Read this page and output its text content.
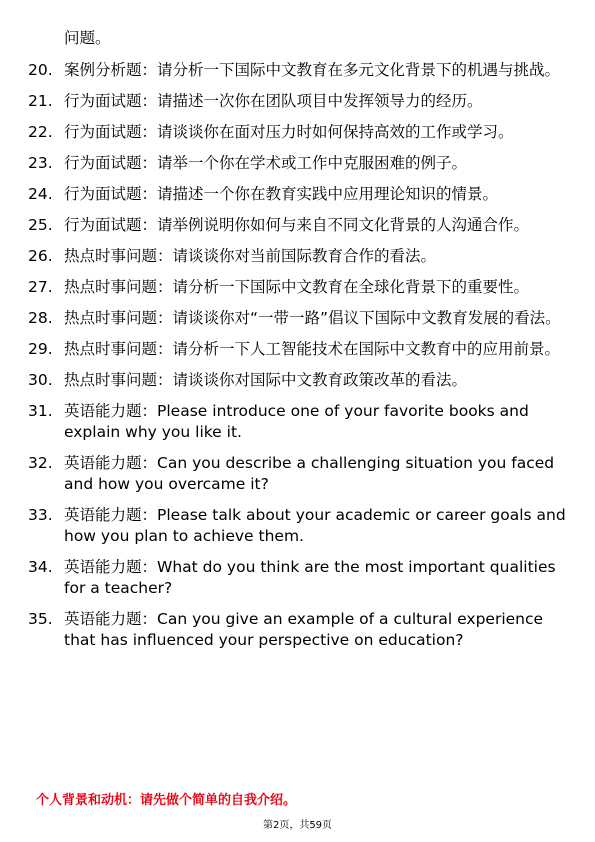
问题。
20. 案例分析题：请分析一下国际中文教育在多元文化背景下的机遇与挑战。
21. 行为面试题：请描述一次你在团队项目中发挥领导力的经历。
22. 行为面试题：请谈谈你在面对压力时如何保持高效的工作或学习。
23. 行为面试题：请举一个你在学术或工作中克服困难的例子。
24. 行为面试题：请描述一个你在教育实践中应用理论知识的情景。
25. 行为面试题：请举例说明你如何与来自不同文化背景的人沟通合作。
26. 热点时事问题：请谈谈你对当前国际教育合作的看法。
27. 热点时事问题：请分析一下国际中文教育在全球化背景下的重要性。
28. 热点时事问题：请谈谈你对“一带一路”倡议下国际中文教育发展的看法。
29. 热点时事问题：请分析一下人工智能技术在国际中文教育中的应用前景。
30. 热点时事问题：请谈谈你对国际中文教育政策改革的看法。
31. 英语能力题：Please introduce one of your favorite books and explain why you like it.
32. 英语能力题：Can you describe a challenging situation you faced and how you overcame it?
33. 英语能力题：Please talk about your academic or career goals and how you plan to achieve them.
34. 英语能力题：What do you think are the most important qualities for a teacher?
35. 英语能力题：Can you give an example of a cultural experience that has influenced your perspective on education?
个人背景和动机：请先做个简单的自我介绍。
第2页，共59页
